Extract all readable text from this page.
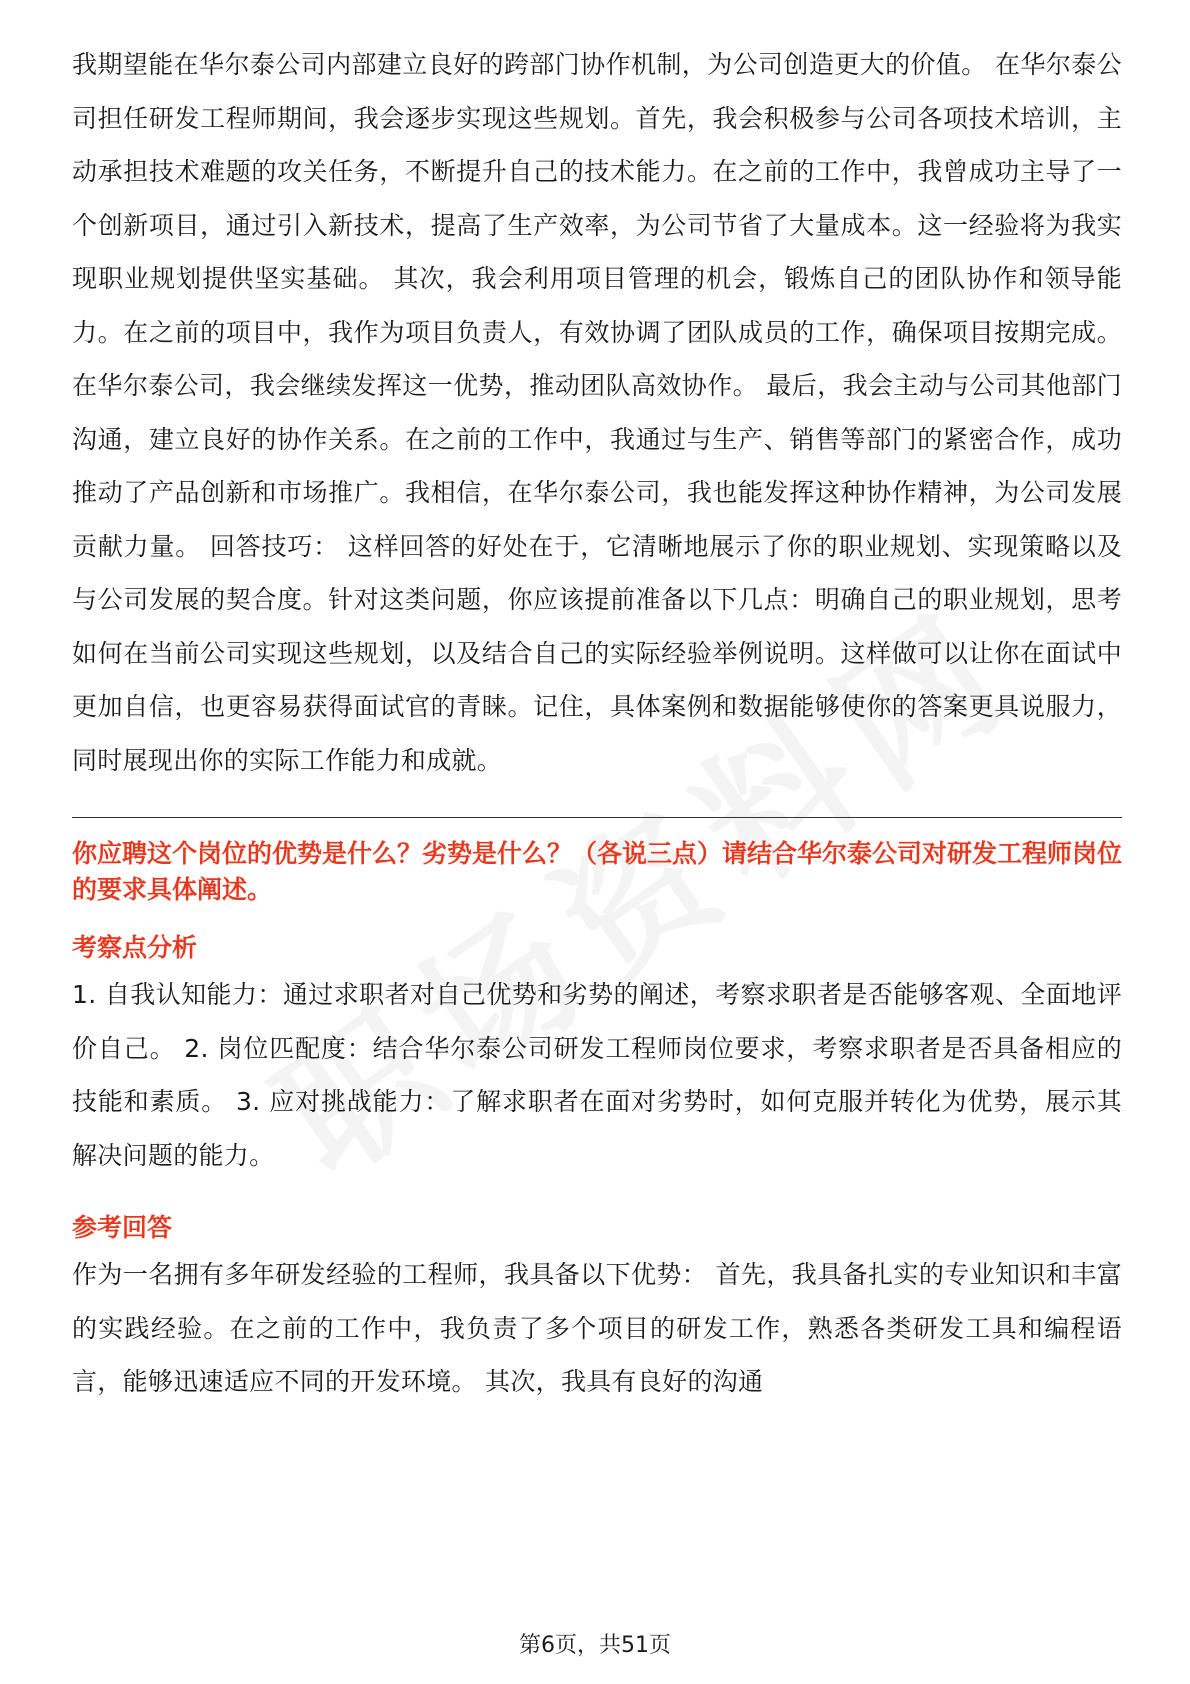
我期望能在华尔泰公司内部建立良好的跨部门协作机制，为公司创造更大的价值。 在华尔泰公司担任研发工程师期间，我会逐步实现这些规划。首先，我会积极参与公司各项技术培训，主动承担技术难题的攻关任务，不断提升自己的技术能力。在之前的工作中，我曾成功主导了一个创新项目，通过引入新技术，提高了生产效率，为公司节省了大量成本。这一经验将为我实现职业规划提供坚实基础。 其次，我会利用项目管理的机会，锻炼自己的团队协作和领导能力。在之前的项目中，我作为项目负责人，有效协调了团队成员的工作，确保项目按期完成。在华尔泰公司，我会继续发挥这一优势，推动团队高效协作。 最后，我会主动与公司其他部门沟通，建立良好的协作关系。在之前的工作中，我通过与生产、销售等部门的紧密合作，成功推动了产品创新和市场推广。我相信，在华尔泰公司，我也能发挥这种协作精神，为公司发展贡献力量。 回答技巧： 这样回答的好处在于，它清晰地展示了你的职业规划、实现策略以及与公司发展的契合度。针对这类问题，你应该提前准备以下几点：明确自己的职业规划，思考如何在当前公司实现这些规划，以及结合自己的实际经验举例说明。这样做可以让你在面试中更加自信，也更容易获得面试官的青睐。记住，具体案例和数据能够使你的答案更具说服力，同时展现出你的实际工作能力和成就。

你应聘这个岗位的优势是什么？劣势是什么？（各说三点）请结合华尔泰公司对研发工程师岗位的要求具体阐述。

考察点分析

1. 自我认知能力：通过求职者对自己优势和劣势的阐述，考察求职者是否能够客观、全面地评价自己。 2. 岗位匹配度：结合华尔泰公司研发工程师岗位要求，考察求职者是否具备相应的技能和素质。 3. 应对挑战能力：了解求职者在面对劣势时，如何克服并转化为优势，展示其解决问题的能力。

参考回答

作为一名拥有多年研发经验的工程师，我具备以下优势： 首先，我具备扎实的专业知识和丰富的实践经验。在之前的工作中，我负责了多个项目的研发工作，熟悉各类研发工具和编程语言，能够迅速适应不同的开发环境。 其次，我具有良好的沟通

第6页，共51页
